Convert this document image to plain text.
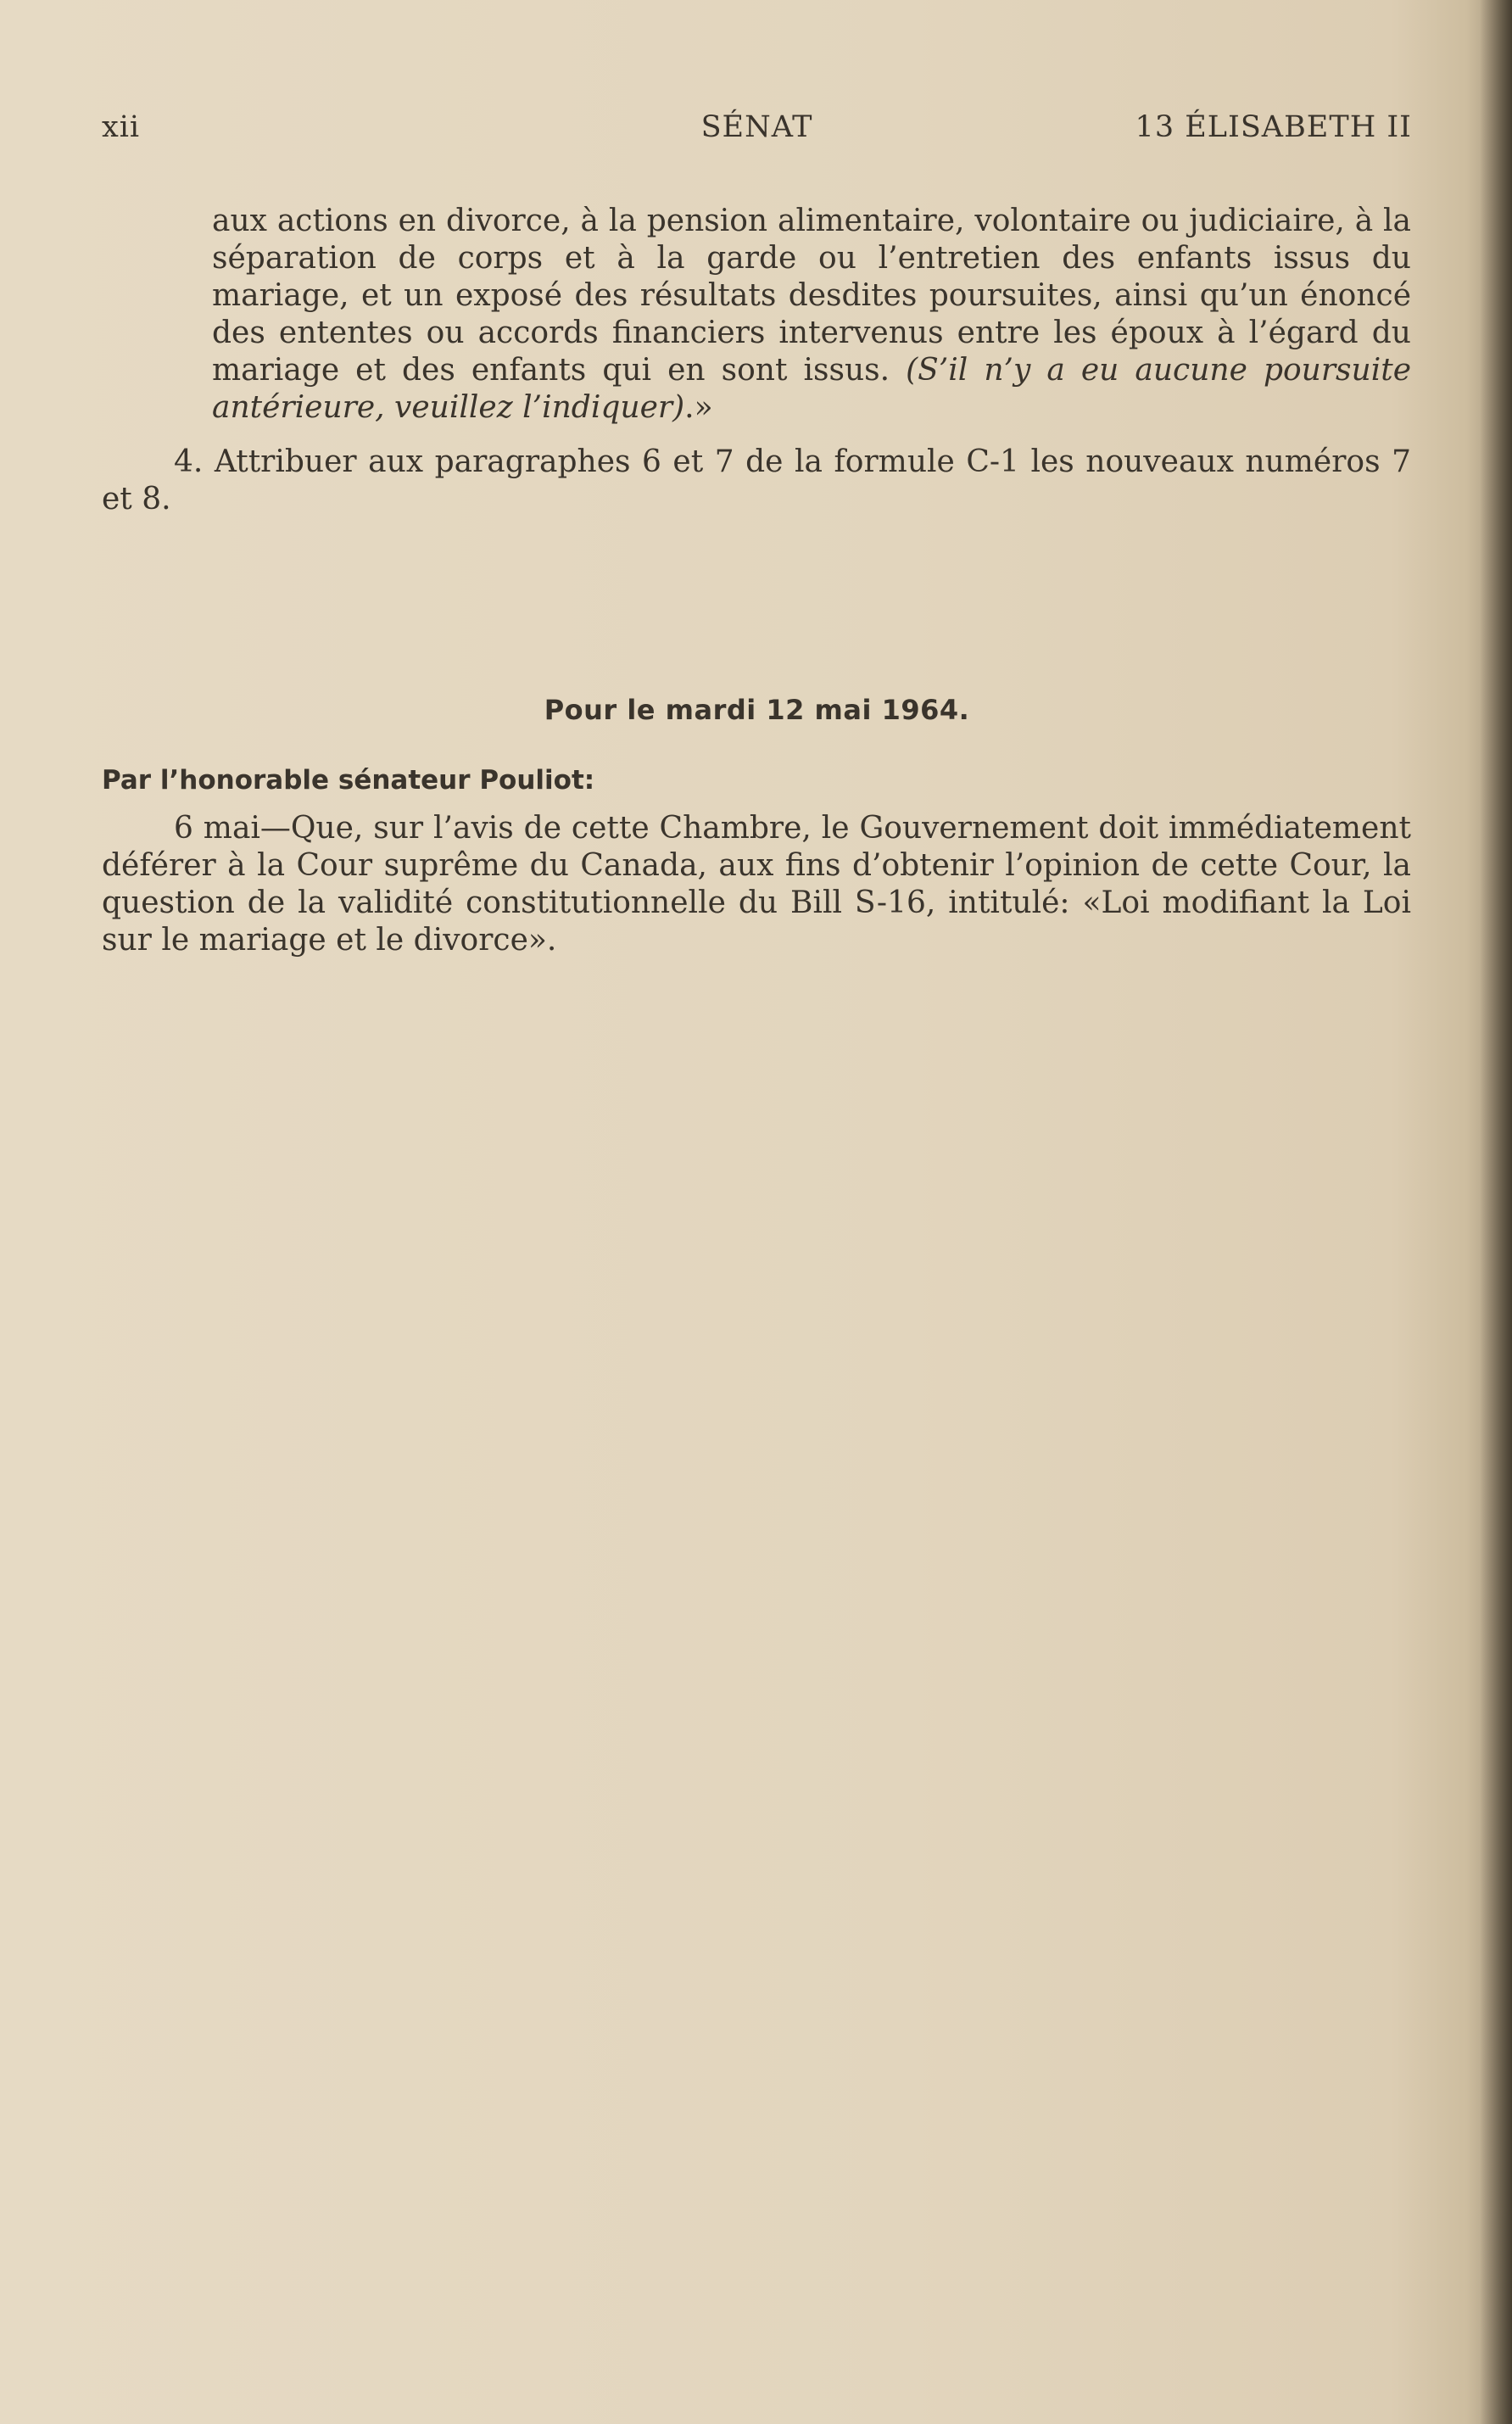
xii	SÉNAT	13 ÉLISABETH II
aux actions en divorce, à la pension alimentaire, volontaire ou judiciaire, à la séparation de corps et à la garde ou l’entretien des enfants issus du mariage, et un exposé des résultats desdites poursuites, ainsi qu’un énoncé des ententes ou accords financiers intervenus entre les époux à l’égard du mariage et des enfants qui en sont issus. (S’il n’y a eu aucune poursuite antérieure, veuillez l’indiquer).»
4. Attribuer aux paragraphes 6 et 7 de la formule C-1 les nouveaux numéros 7 et 8.
Pour le mardi 12 mai 1964.
Par l’honorable sénateur Pouliot:
6 mai—Que, sur l’avis de cette Chambre, le Gouvernement doit immédiatement déférer à la Cour suprême du Canada, aux fins d’obtenir l’opinion de cette Cour, la question de la validité constitutionnelle du Bill S-16, intitulé: «Loi modifiant la Loi sur le mariage et le divorce».
